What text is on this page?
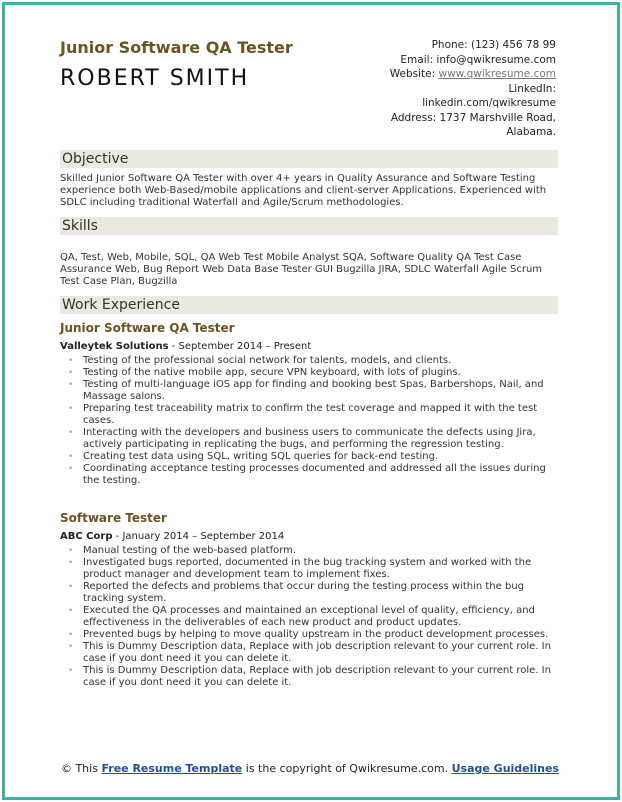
Junior Software QA Tester
ROBERT SMITH
Phone: (123) 456 78 99
Email: info@qwikresume.com
Website: www.qwikresume.com
LinkedIn:
linkedin.com/qwikresume
Address: 1737 Marshville Road,
Alabama.
Objective
Skilled Junior Software QA Tester with over 4+ years in Quality Assurance and Software Testing experience both Web-Based/mobile applications and client-server Applications. Experienced with SDLC including traditional Waterfall and Agile/Scrum methodologies.
Skills
QA, Test, Web, Mobile, SQL, QA Web Test Mobile Analyst SQA, Software Quality QA Test Case Assurance Web, Bug Report Web Data Base Tester GUI Bugzilla JIRA, SDLC Waterfall Agile Scrum Test Case Plan, Bugzilla
Work Experience
Junior Software QA Tester
Valleytek Solutions - September 2014 – Present
• Testing of the professional social network for talents, models, and clients.
• Testing of the native mobile app, secure VPN keyboard, with lots of plugins.
• Testing of multi-language iOS app for finding and booking best Spas, Barbershops, Nail, and Massage salons.
• Preparing test traceability matrix to confirm the test coverage and mapped it with the test cases.
• Interacting with the developers and business users to communicate the defects using Jira, actively participating in replicating the bugs, and performing the regression testing.
• Creating test data using SQL, writing SQL queries for back-end testing.
• Coordinating acceptance testing processes documented and addressed all the issues during the testing.
Software Tester
ABC Corp - January 2014 – September 2014
• Manual testing of the web-based platform.
• Investigated bugs reported, documented in the bug tracking system and worked with the product manager and development team to implement fixes.
• Reported the defects and problems that occur during the testing process within the bug tracking system.
• Executed the QA processes and maintained an exceptional level of quality, efficiency, and effectiveness in the deliverables of each new product and product updates.
• Prevented bugs by helping to move quality upstream in the product development processes.
• This is Dummy Description data, Replace with job description relevant to your current role. In case if you dont need it you can delete it.
• This is Dummy Description data, Replace with job description relevant to your current role. In case if you dont need it you can delete it.
© This Free Resume Template is the copyright of Qwikresume.com. Usage Guidelines
